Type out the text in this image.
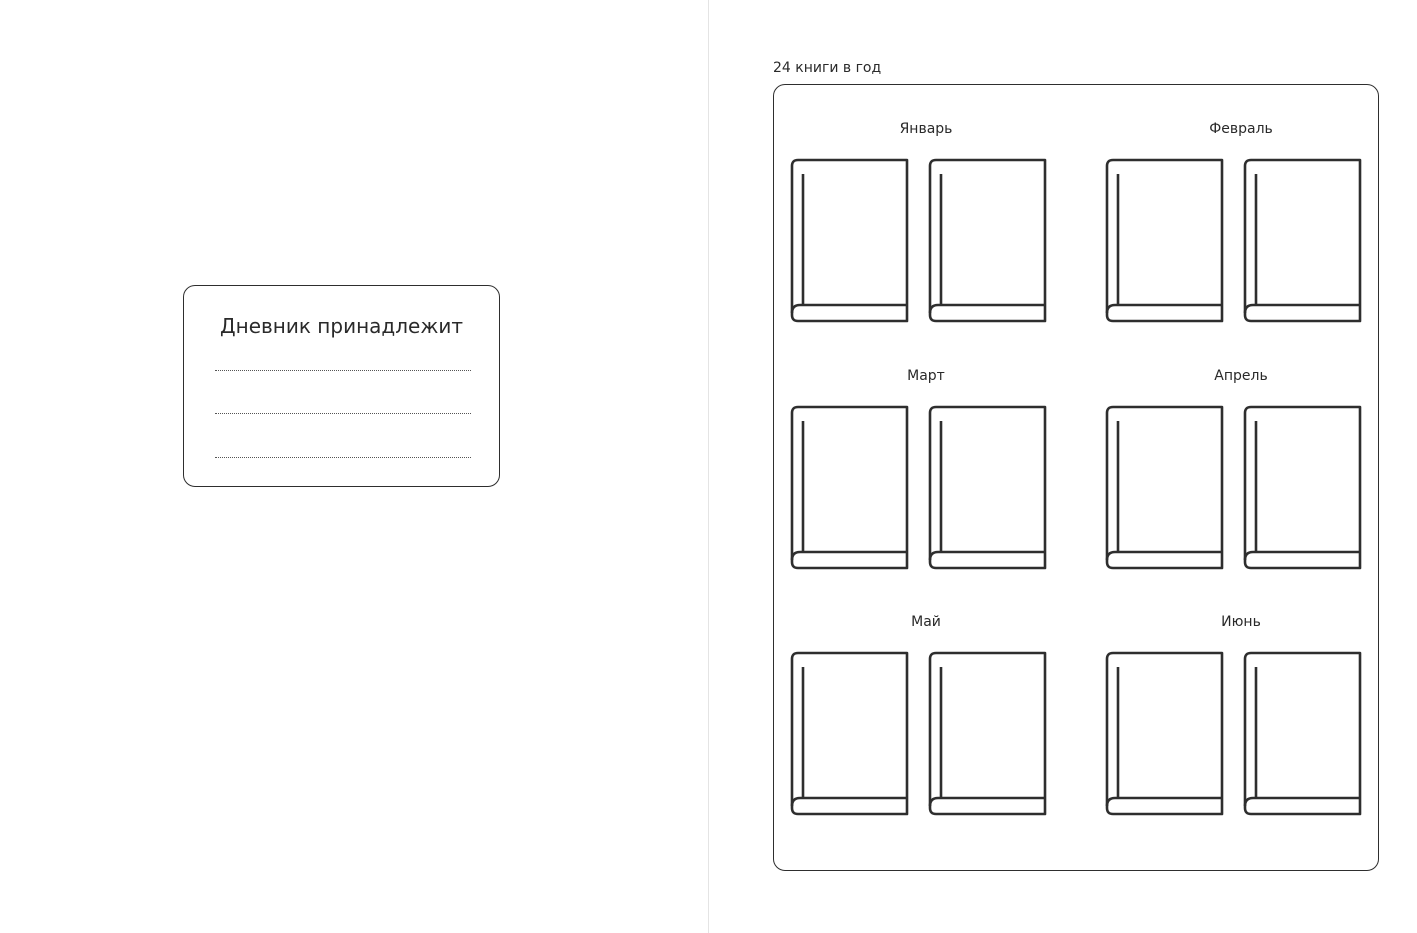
Дневник принадлежит
24 книги в год
Январь	Февраль
Март	Апрель
Май	Июнь
